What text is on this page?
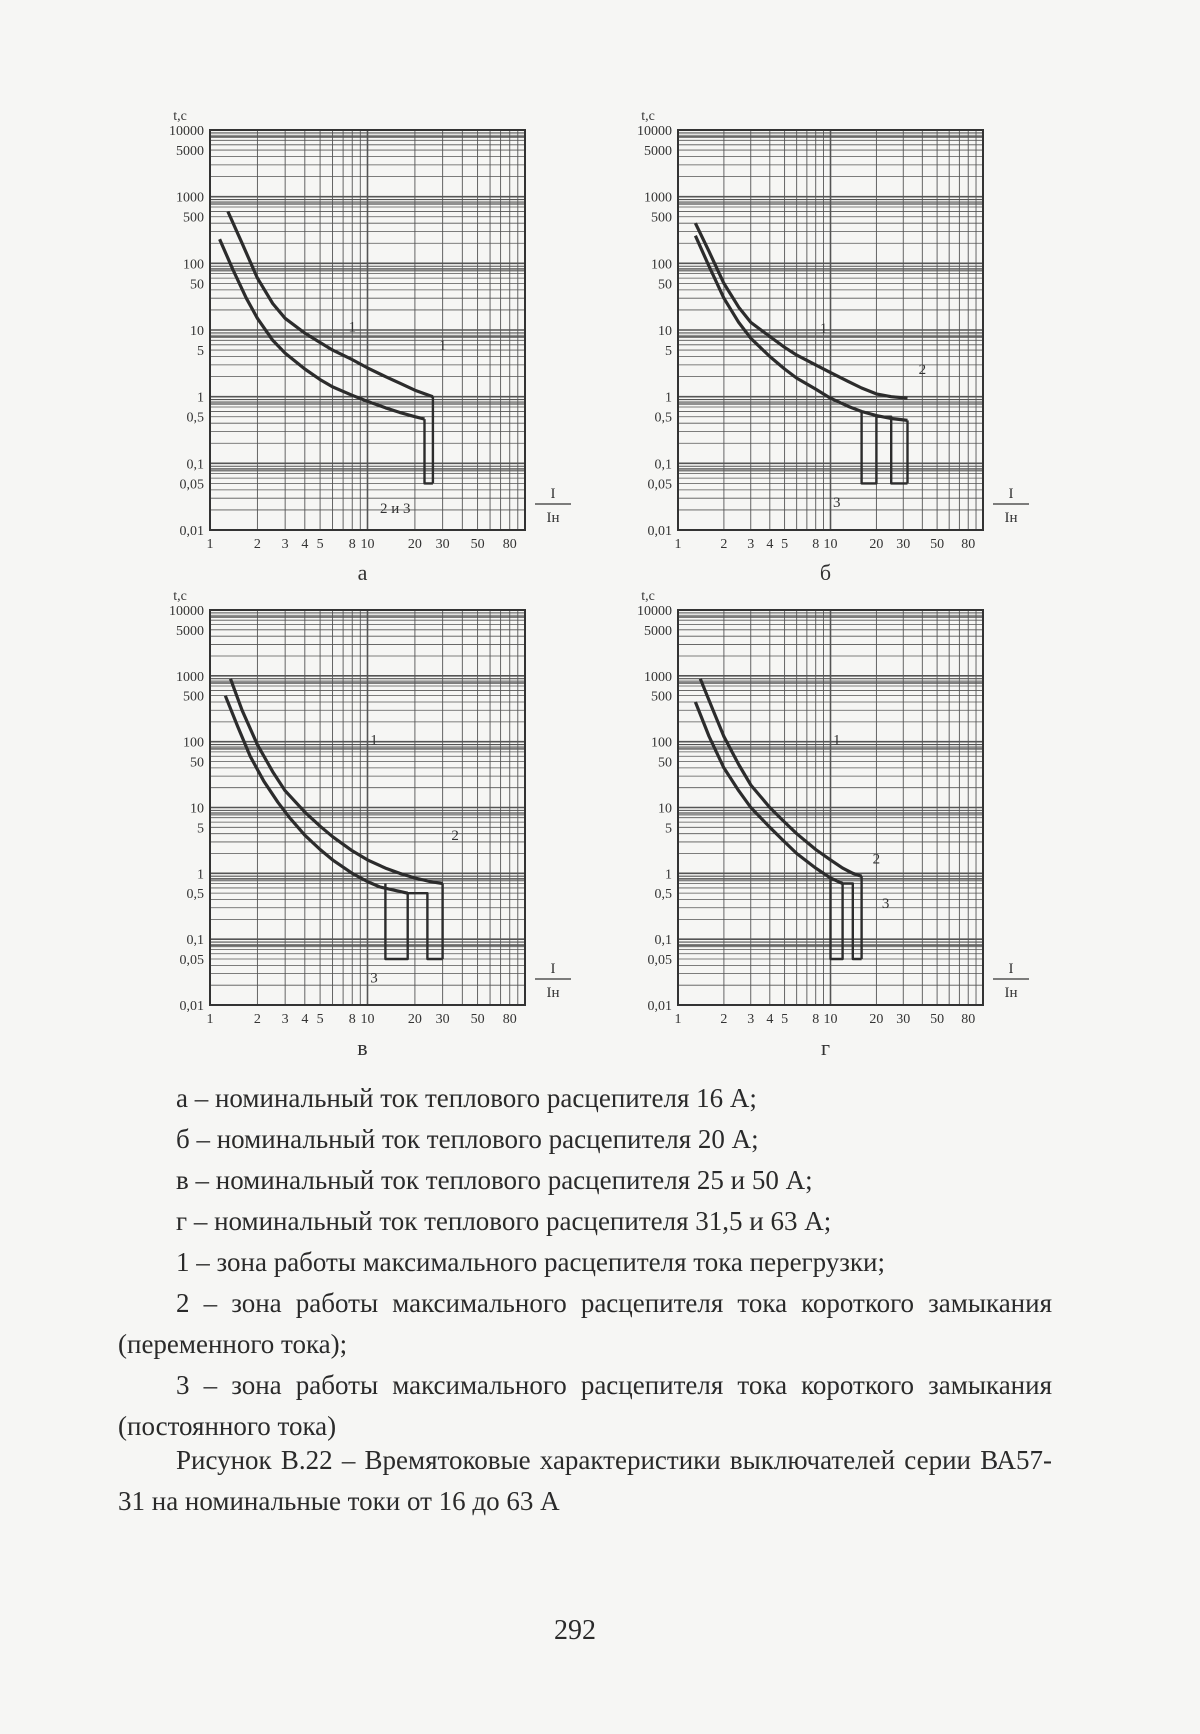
10000
5000
1000
500
100
50
10
5
1
0,5
0,1
0,05
0,01
1	2 3 4 5 8 10 20 30 50 80
t,c
I
Iн
а
1
1
2 и 3
10000
5000
1000
500
100
50
10
5
1
0,5
0,1
0,05
0,01
1	2 3 4 5 8 10 20 30 50 80
t,c
I
Iн
б
1
2
3
10000
5000
1000
500
100
50
10
5
1
0,5
0,1
0,05
0,01
1	2 3 4 5 8 10 20 30 50 80
t,c
I
Iн
в
1
2
3
10000
5000
1000
500
100
50
10
5
1
0,5
0,1
0,05
0,01
1	2 3 4 5 8 10 20 30 50 80
t,c
I
Iн
г
1
2
3

а – номинальный ток теплового расцепителя 16 А;

б – номинальный ток теплового расцепителя 20 А;

в – номинальный ток теплового расцепителя 25 и 50 А;

г – номинальный ток теплового расцепителя 31,5 и 63 А;

1 – зона работы максимального расцепителя тока перегрузки;

2 – зона работы максимального расцепителя тока короткого замыкания (переменного тока);

3 – зона работы максимального расцепителя тока короткого замыкания (постоянного тока)

Рисунок В.22 – Времятоковые характеристики выключателей серии ВА57-31 на номинальные токи от 16 до 63 А
292
